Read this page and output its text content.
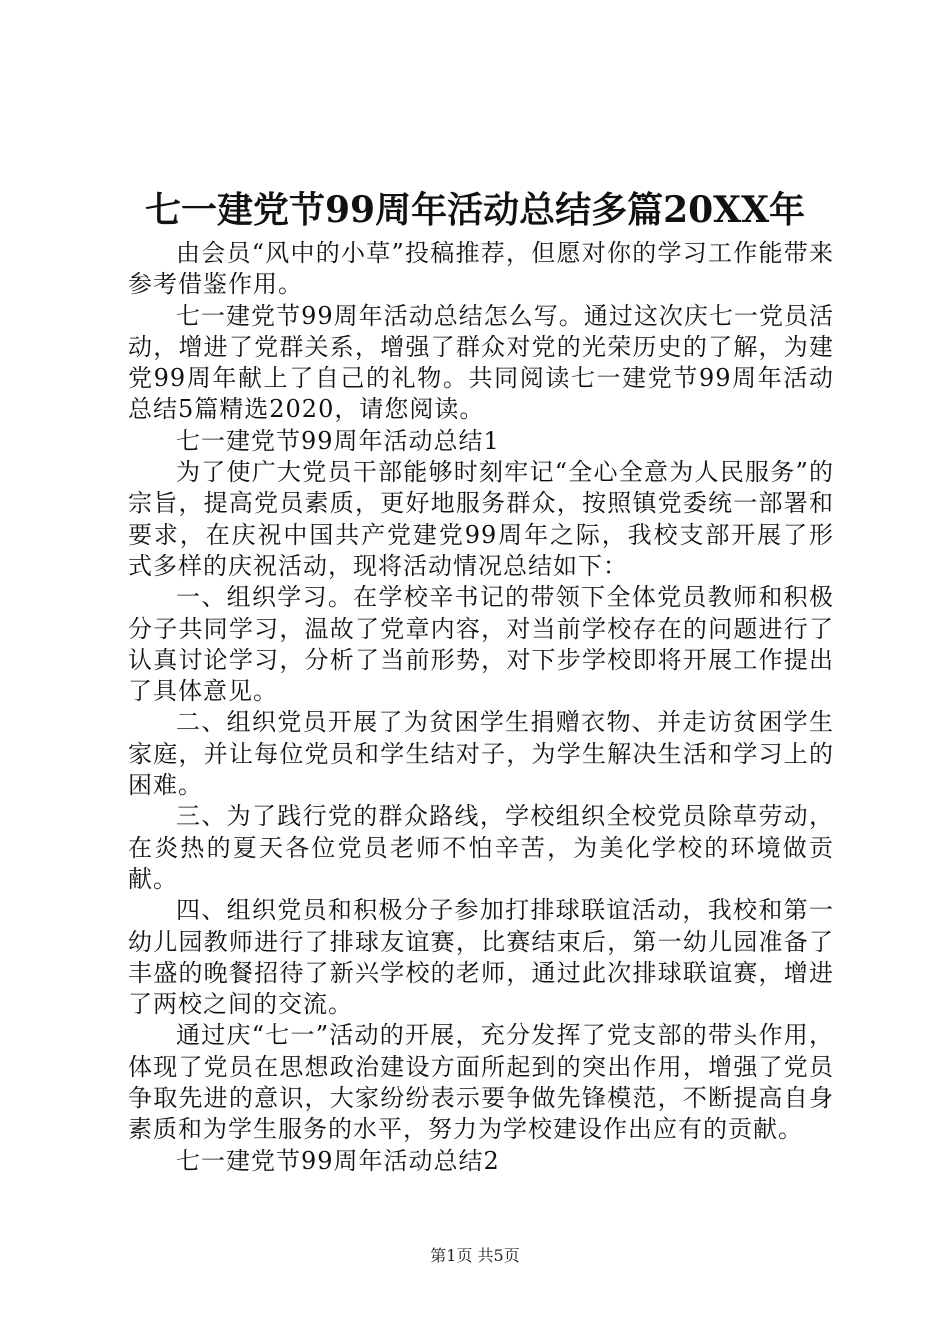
七一建党节99周年活动总结多篇20XX年

由会员“风中的小草”投稿推荐，但愿对你的学习工作能带来参考借鉴作用。

七一建党节99周年活动总结怎么写。通过这次庆七一党员活动，增进了党群关系，增强了群众对党的光荣历史的了解，为建党99周年献上了自己的礼物。共同阅读七一建党节99周年活动总结5篇精选2020，请您阅读。

七一建党节99周年活动总结1

为了使广大党员干部能够时刻牢记“全心全意为人民服务”的宗旨，提高党员素质，更好地服务群众，按照镇党委统一部署和要求，在庆祝中国共产党建党99周年之际，我校支部开展了形式多样的庆祝活动，现将活动情况总结如下：

一、组织学习。在学校辛书记的带领下全体党员教师和积极分子共同学习，温故了党章内容，对当前学校存在的问题进行了认真讨论学习，分析了当前形势，对下步学校即将开展工作提出了具体意见。

二、组织党员开展了为贫困学生捐赠衣物、并走访贫困学生家庭，并让每位党员和学生结对子，为学生解决生活和学习上的困难。

三、为了践行党的群众路线，学校组织全校党员除草劳动，在炎热的夏天各位党员老师不怕辛苦，为美化学校的环境做贡献。

四、组织党员和积极分子参加打排球联谊活动，我校和第一幼儿园教师进行了排球友谊赛，比赛结束后，第一幼儿园准备了丰盛的晚餐招待了新兴学校的老师，通过此次排球联谊赛，增进了两校之间的交流。

通过庆“七一”活动的开展，充分发挥了党支部的带头作用，体现了党员在思想政治建设方面所起到的突出作用，增强了党员争取先进的意识，大家纷纷表示要争做先锋模范，不断提高自身素质和为学生服务的水平，努力为学校建设作出应有的贡献。

七一建党节99周年活动总结2

第1页 共5页
